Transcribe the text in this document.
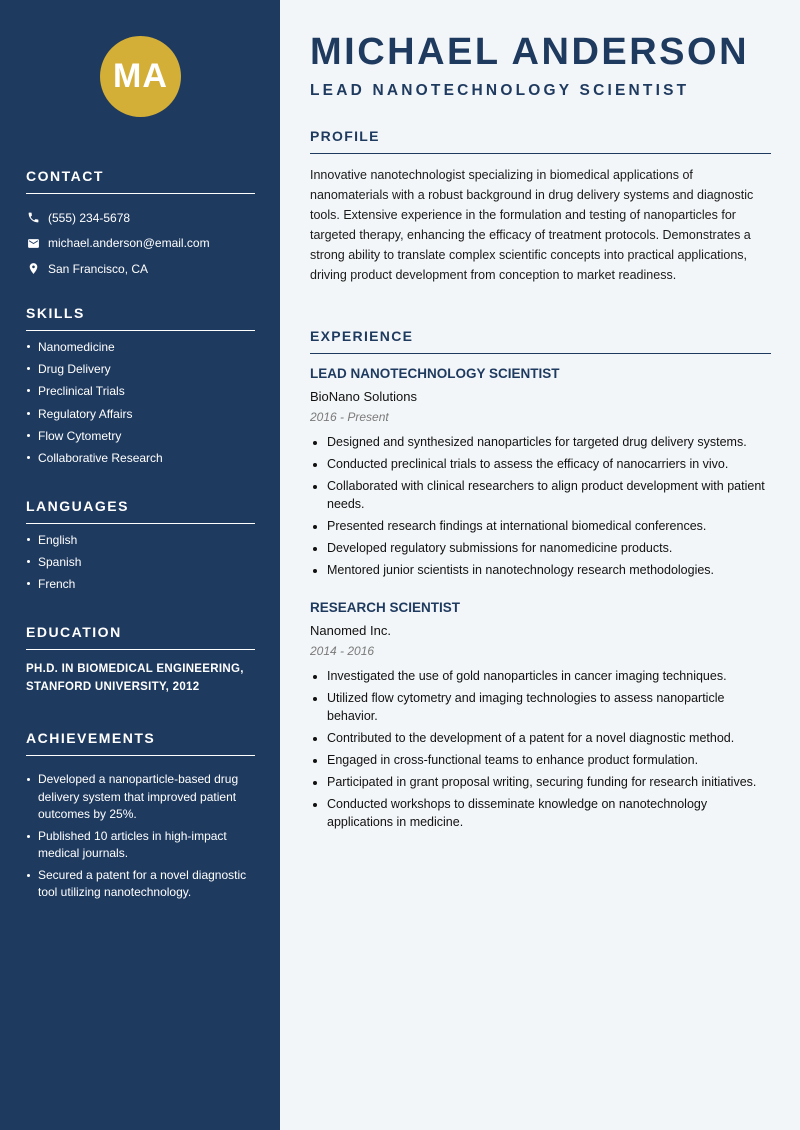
MA
CONTACT
(555) 234-5678
michael.anderson@email.com
San Francisco, CA
SKILLS
Nanomedicine
Drug Delivery
Preclinical Trials
Regulatory Affairs
Flow Cytometry
Collaborative Research
LANGUAGES
English
Spanish
French
EDUCATION
PH.D. IN BIOMEDICAL ENGINEERING,
STANFORD UNIVERSITY, 2012
ACHIEVEMENTS
Developed a nanoparticle-based drug delivery system that improved patient outcomes by 25%.
Published 10 articles in high-impact medical journals.
Secured a patent for a novel diagnostic tool utilizing nanotechnology.
MICHAEL ANDERSON
LEAD NANOTECHNOLOGY SCIENTIST
PROFILE

Innovative nanotechnologist specializing in biomedical applications of nanomaterials with a robust background in drug delivery systems and diagnostic tools. Extensive experience in the formulation and testing of nanoparticles for targeted therapy, enhancing the efficacy of treatment protocols. Demonstrates a strong ability to translate complex scientific concepts into practical applications, driving product development from conception to market readiness.

EXPERIENCE
LEAD NANOTECHNOLOGY SCIENTIST

BioNano Solutions

2016 - Present

Designed and synthesized nanoparticles for targeted drug delivery systems.
Conducted preclinical trials to assess the efficacy of nanocarriers in vivo.
Collaborated with clinical researchers to align product development with patient needs.
Presented research findings at international biomedical conferences.
Developed regulatory submissions for nanomedicine products.
Mentored junior scientists in nanotechnology research methodologies.
RESEARCH SCIENTIST

Nanomed Inc.

2014 - 2016

Investigated the use of gold nanoparticles in cancer imaging techniques.
Utilized flow cytometry and imaging technologies to assess nanoparticle behavior.
Contributed to the development of a patent for a novel diagnostic method.
Engaged in cross-functional teams to enhance product formulation.
Participated in grant proposal writing, securing funding for research initiatives.
Conducted workshops to disseminate knowledge on nanotechnology applications in medicine.
